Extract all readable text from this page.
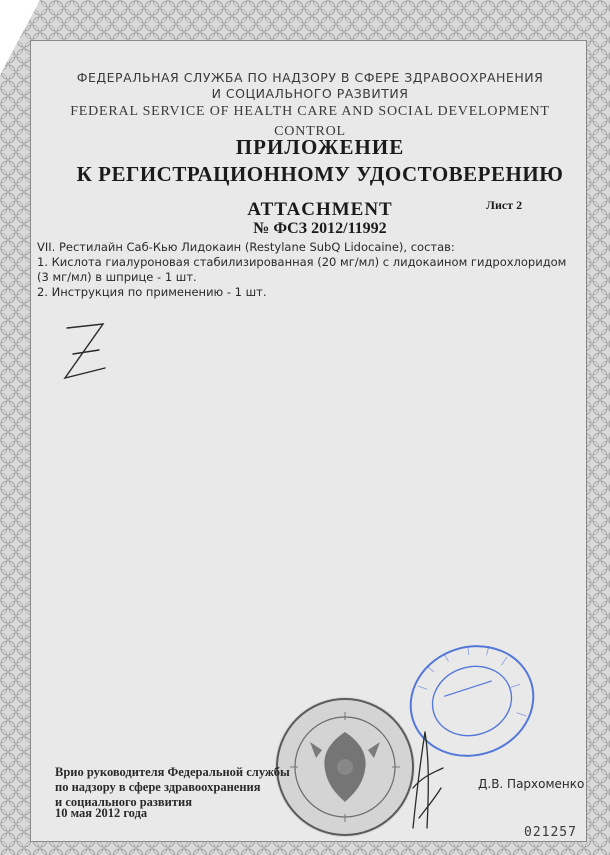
ФЕДЕРАЛЬНАЯ СЛУЖБА ПО НАДЗОРУ В СФЕРЕ ЗДРАВООХРАНЕНИЯ
И СОЦИАЛЬНОГО РАЗВИТИЯ
FEDERAL SERVICE OF HEALTH CARE AND SOCIAL DEVELOPMENT CONTROL
ПРИЛОЖЕНИЕ
К РЕГИСТРАЦИОННОМУ УДОСТОВЕРЕНИЮ
ATTACHMENT
№ ФСЗ 2012/11992
Лист 2
VII. Рестилайн Саб-Кью Лидокаин (Restylane SubQ Lidocaine), состав:
1. Кислота гиалуроновая стабилизированная (20 мг/мл) с лидокаином гидрохлоридом
(3 мг/мл) в шприце - 1 шт.
2. Инструкция по применению - 1 шт.
Врио руководителя Федеральной службы
по надзору в сфере здравоохранения
и социального развития
10 мая 2012 года
Д.В. Пархоменко
021257
